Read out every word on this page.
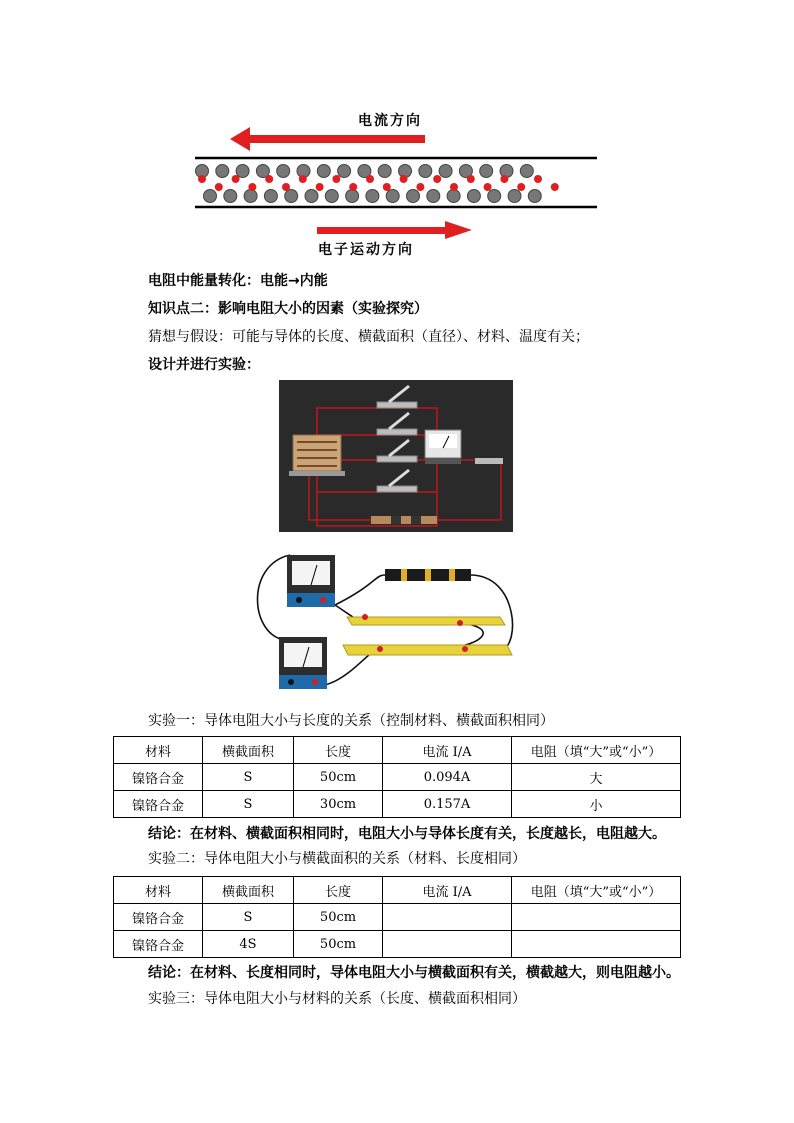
电流方向
电子运动方向
电阻中能量转化：电能→内能
知识点二：影响电阻大小的因素（实验探究）
猜想与假设：可能与导体的长度、横截面积（直径）、材料、温度有关；
设计并进行实验：
实验一：导体电阻大小与长度的关系（控制材料、横截面积相同）
材料	横截面积	长度	电流 I/A	电阻（填“大”或“小”）
镍铬合金	S	50cm	0.094A	大
镍铬合金	S	30cm	0.157A	小
结论：在材料、横截面积相同时，电阻大小与导体长度有关，长度越长，电阻越大。
实验二：导体电阻大小与横截面积的关系（材料、长度相同）
材料	横截面积	长度	电流 I/A	电阻（填“大”或“小”）
镍铬合金	S	50cm		
镍铬合金	4S	50cm		
结论：在材料、长度相同时，导体电阻大小与横截面积有关，横截越大，则电阻越小。
实验三：导体电阻大小与材料的关系（长度、横截面积相同）
